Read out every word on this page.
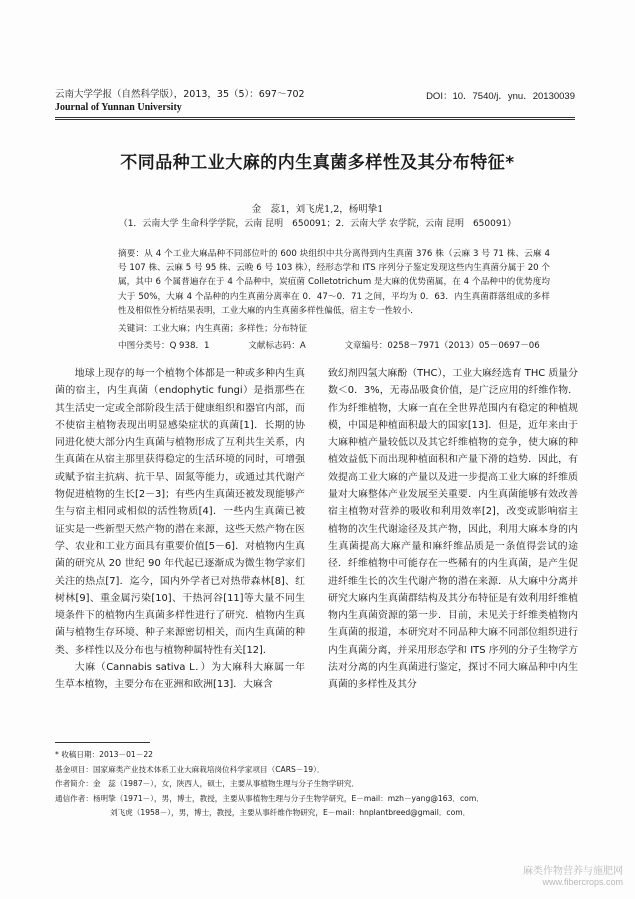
云南大学学报（自然科学版），2013，35（5）：697～702
Journal of Yunnan University
DOI：10．7540/j．ynu．20130039
不同品种工业大麻的内生真菌多样性及其分布特征*
金　蕊1，刘飞虎1,2，杨明挚1
（1．云南大学 生命科学学院，云南 昆明　650091；2．云南大学 农学院，云南 昆明　650091）
摘要：从 4 个工业大麻品种不同部位叶的 600 块组织中共分离得到内生真菌 376 株（云麻 3 号 71 株、云麻 4 号 107 株、云麻 5 号 95 株、云晚 6 号 103 株），经形态学和 ITS 序列分子鉴定发现这些内生真菌分属于 20 个属，其中 6 个属普遍存在于 4 个品种中，炭疽菌 Colletotrichum 是大麻的优势菌属，在 4 个品种中的优势度均大于 50%，大麻 4 个品种的内生真菌分离率在 0．47～0．71 之间，平均为 0．63．内生真菌群落组成的多样性及相似性分析结果表明，工业大麻的内生真菌多样性偏低，宿主专一性较小．
关键词：工业大麻；内生真菌；多样性；分布特征
中图分类号：Q 938．1	文献标志码：A	文章编号：0258－7971（2013）05－0697－06

地球上现存的每一个植物个体都是一种或多种内生真菌的宿主，内生真菌（endophytic fungi）是指那些在其生活史一定或全部阶段生活于健康组织和器官内部，而不使宿主植物表现出明显感染症状的真菌[1]．长期的协同进化使大部分内生真菌与植物形成了互利共生关系，内生真菌在从宿主那里获得稳定的生活环境的同时，可增强或赋予宿主抗病、抗干旱、固氮等能力，或通过其代谢产物促进植物的生长[2－3]；有些内生真菌还被发现能够产生与宿主相同或相似的活性物质[4]．一些内生真菌已被证实是一些新型天然产物的潜在来源，这些天然产物在医学、农业和工业方面具有重要价值[5－6]．对植物内生真菌的研究从 20 世纪 90 年代起已逐渐成为微生物学家们关注的热点[7]．迄今，国内外学者已对热带森林[8]、红树林[9]、重金属污染[10]、干热河谷[11]等大量不同生境条件下的植物内生真菌多样性进行了研究．植物内生真菌与植物生存环境、种子来源密切相关，而内生真菌的种类、多样性以及分布也与植物种属特性有关[12]．

大麻（Cannabis sativa L．）为大麻科大麻属一年生草本植物，主要分布在亚洲和欧洲[13]．大麻含

致幻剂四氢大麻酚（THC），工业大麻经选育 THC 质量分数＜0．3%，无毒品吸食价值，是广泛应用的纤维作物．作为纤维植物，大麻一直在全世界范围内有稳定的种植规模，中国是种植面积最大的国家[13]．但是，近年来由于大麻种植产量较低以及其它纤维植物的竞争，使大麻的种植效益低下而出现种植面积和产量下滑的趋势．因此，有效提高工业大麻的产量以及进一步提高工业大麻的纤维质量对大麻整体产业发展至关重要．内生真菌能够有效改善宿主植物对营养的吸收和利用效率[2]，改变或影响宿主植物的次生代谢途径及其产物，因此，利用大麻本身的内生真菌提高大麻产量和麻纤维品质是一条值得尝试的途径．纤维植物中可能存在一些稀有的内生真菌，是产生促进纤维生长的次生代谢产物的潜在来源．从大麻中分离并研究大麻内生真菌群结构及其分布特征是有效利用纤维植物内生真菌资源的第一步．目前，未见关于纤维类植物内生真菌的报道，本研究对不同品种大麻不同部位组织进行内生真菌分离，并采用形态学和 ITS 序列的分子生物学方法对分离的内生真菌进行鉴定，探讨不同大麻品种中内生真菌的多样性及其分

* 收稿日期：2013－01－22
基金项目：国家麻类产业技术体系工业大麻栽培岗位科学家项目（CARS－19）．
作者简介：金　蕊（1987－），女，陕西人，硕士，主要从事植物生理与分子生物学研究．
通信作者：杨明挚（1971－），男，博士，教授，主要从事植物生理与分子生物学研究，E－mail：mzh－yang@163．com．
刘飞虎（1958－），男，博士，教授，主要从事纤维作物研究，E－mail：hnplantbreed@gmail．com．
麻类作物营养与施肥网
www.fibercrops.com
